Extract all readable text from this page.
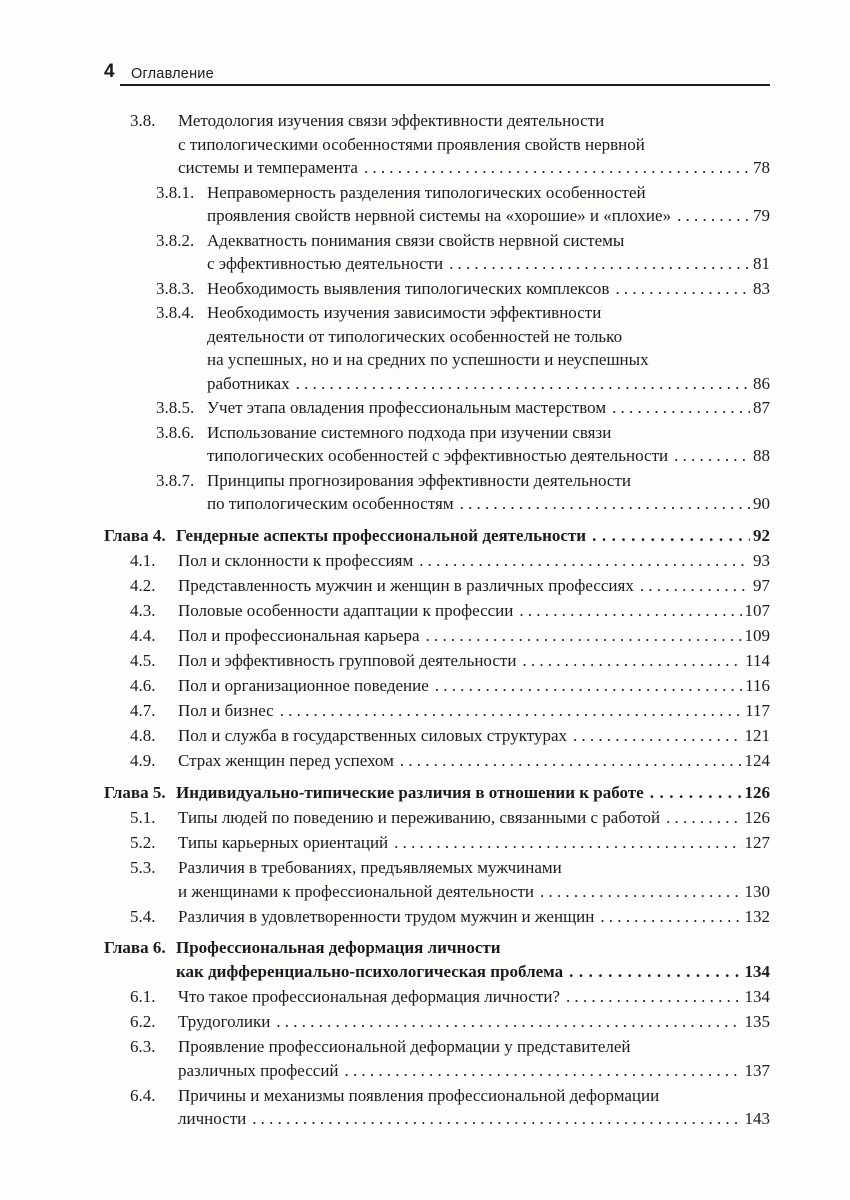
4 Оглавление
3.8. Методология изучения связи эффективности деятельности
с типологическими особенностями проявления свойств нервной
системы и темперамента .....	78
3.8.1. Неправомерность разделения типологических особенностей
проявления свойств нервной системы на «хорошие» и «плохие» .....	79
3.8.2. Адекватность понимания связи свойств нервной системы
с эффективностью деятельности .....	81
3.8.3. Необходимость выявления типологических комплексов .....	83
3.8.4. Необходимость изучения зависимости эффективности
деятельности от типологических особенностей не только
на успешных, но и на средних по успешности и неуспешных
работниках .....	86
3.8.5. Учет этапа овладения профессиональным мастерством .....	87
3.8.6. Использование системного подхода при изучении связи
типологических особенностей с эффективностью деятельности .....	88
3.8.7. Принципы прогнозирования эффективности деятельности
по типологическим особенностям .....	90
Глава 4. Гендерные аспекты профессиональной деятельности .....	92
4.1. Пол и склонности к профессиям .....	93
4.2. Представленность мужчин и женщин в различных профессиях .....	97
4.3. Половые особенности адаптации к профессии .....	107
4.4. Пол и профессиональная карьера .....	109
4.5. Пол и эффективность групповой деятельности .....	114
4.6. Пол и организационное поведение .....	116
4.7. Пол и бизнес .....	117
4.8. Пол и служба в государственных силовых структурах .....	121
4.9. Страх женщин перед успехом .....	124
Глава 5. Индивидуально-типические различия в отношении к работе .....	126
5.1. Типы людей по поведению и переживанию, связанными с работой .....	126
5.2. Типы карьерных ориентаций .....	127
5.3. Различия в требованиях, предъявляемых мужчинами
и женщинами к профессиональной деятельности .....	130
5.4. Различия в удовлетворенности трудом мужчин и женщин .....	132
Глава 6. Профессиональная деформация личности
как дифференциально-психологическая проблема .....	134
6.1. Что такое профессиональная деформация личности? .....	134
6.2. Трудоголики .....	135
6.3. Проявление профессиональной деформации у представителей
различных профессий .....	137
6.4. Причины и механизмы появления профессиональной деформации
личности .....	143
